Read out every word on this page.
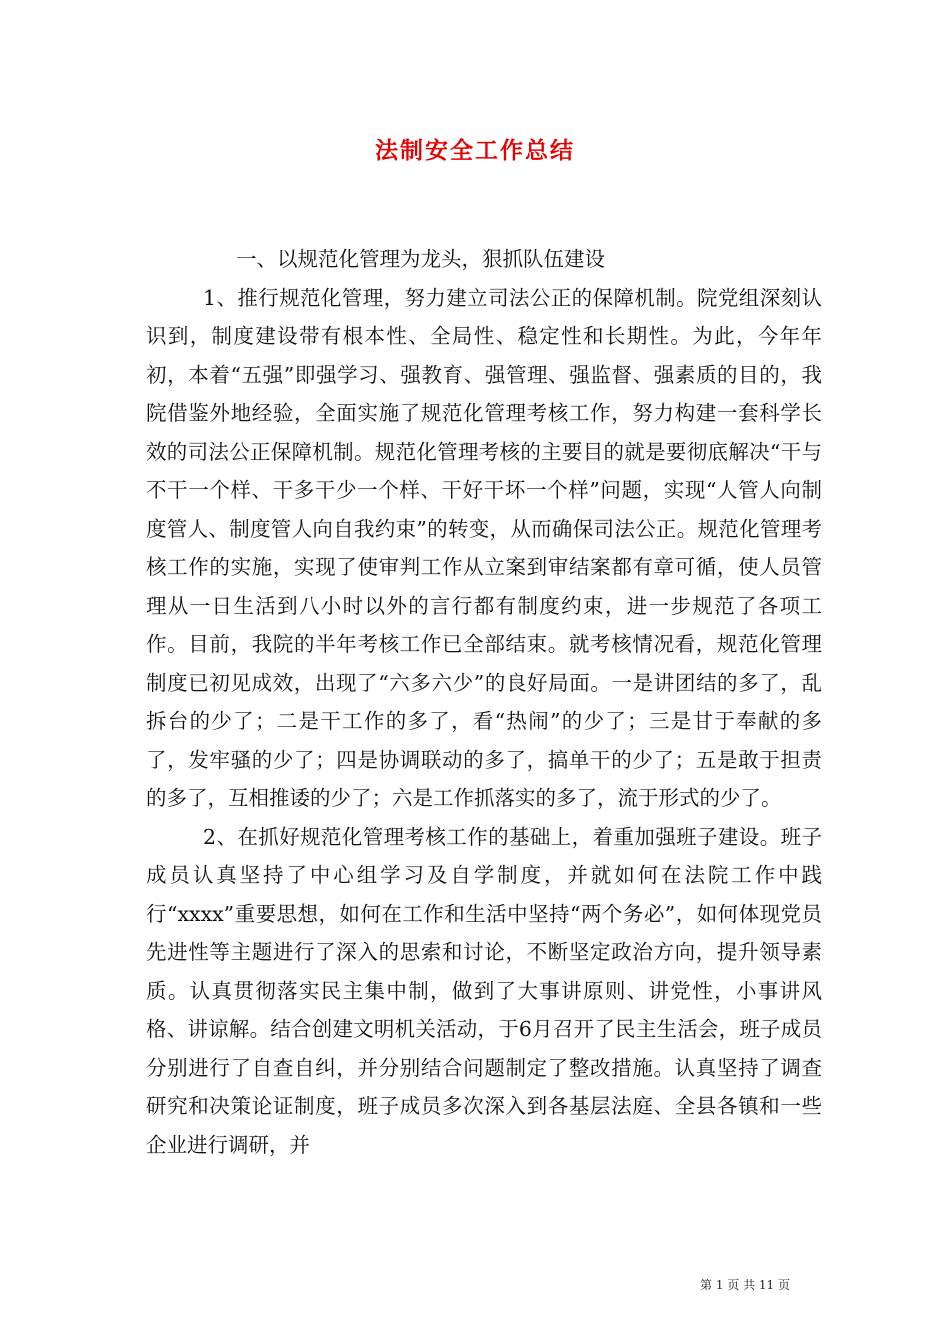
法制安全工作总结

一、以规范化管理为龙头，狠抓队伍建设

1、推行规范化管理，努力建立司法公正的保障机制。院党组深刻认识到，制度建设带有根本性、全局性、稳定性和长期性。为此，今年年初，本着“五强”即强学习、强教育、强管理、强监督、强素质的目的，我院借鉴外地经验，全面实施了规范化管理考核工作，努力构建一套科学长效的司法公正保障机制。规范化管理考核的主要目的就是要彻底解决“干与不干一个样、干多干少一个样、干好干坏一个样”问题，实现“人管人向制度管人、制度管人向自我约束”的转变，从而确保司法公正。规范化管理考核工作的实施，实现了使审判工作从立案到审结案都有章可循，使人员管理从一日生活到八小时以外的言行都有制度约束，进一步规范了各项工作。目前，我院的半年考核工作已全部结束。就考核情况看，规范化管理制度已初见成效，出现了“六多六少”的良好局面。一是讲团结的多了，乱拆台的少了；二是干工作的多了，看“热闹”的少了；三是甘于奉献的多了，发牢骚的少了；四是协调联动的多了，搞单干的少了；五是敢于担责的多了，互相推诿的少了；六是工作抓落实的多了，流于形式的少了。

2、在抓好规范化管理考核工作的基础上，着重加强班子建设。班子成员认真坚持了中心组学习及自学制度，并就如何在法院工作中践行“xxxx”重要思想，如何在工作和生活中坚持“两个务必”，如何体现党员先进性等主题进行了深入的思索和讨论，不断坚定政治方向，提升领导素质。认真贯彻落实民主集中制，做到了大事讲原则、讲党性，小事讲风格、讲谅解。结合创建文明机关活动，于6月召开了民主生活会，班子成员分别进行了自查自纠，并分别结合问题制定了整改措施。认真坚持了调查研究和决策论证制度，班子成员多次深入到各基层法庭、全县各镇和一些企业进行调研，并

第 1 页 共 11 页
